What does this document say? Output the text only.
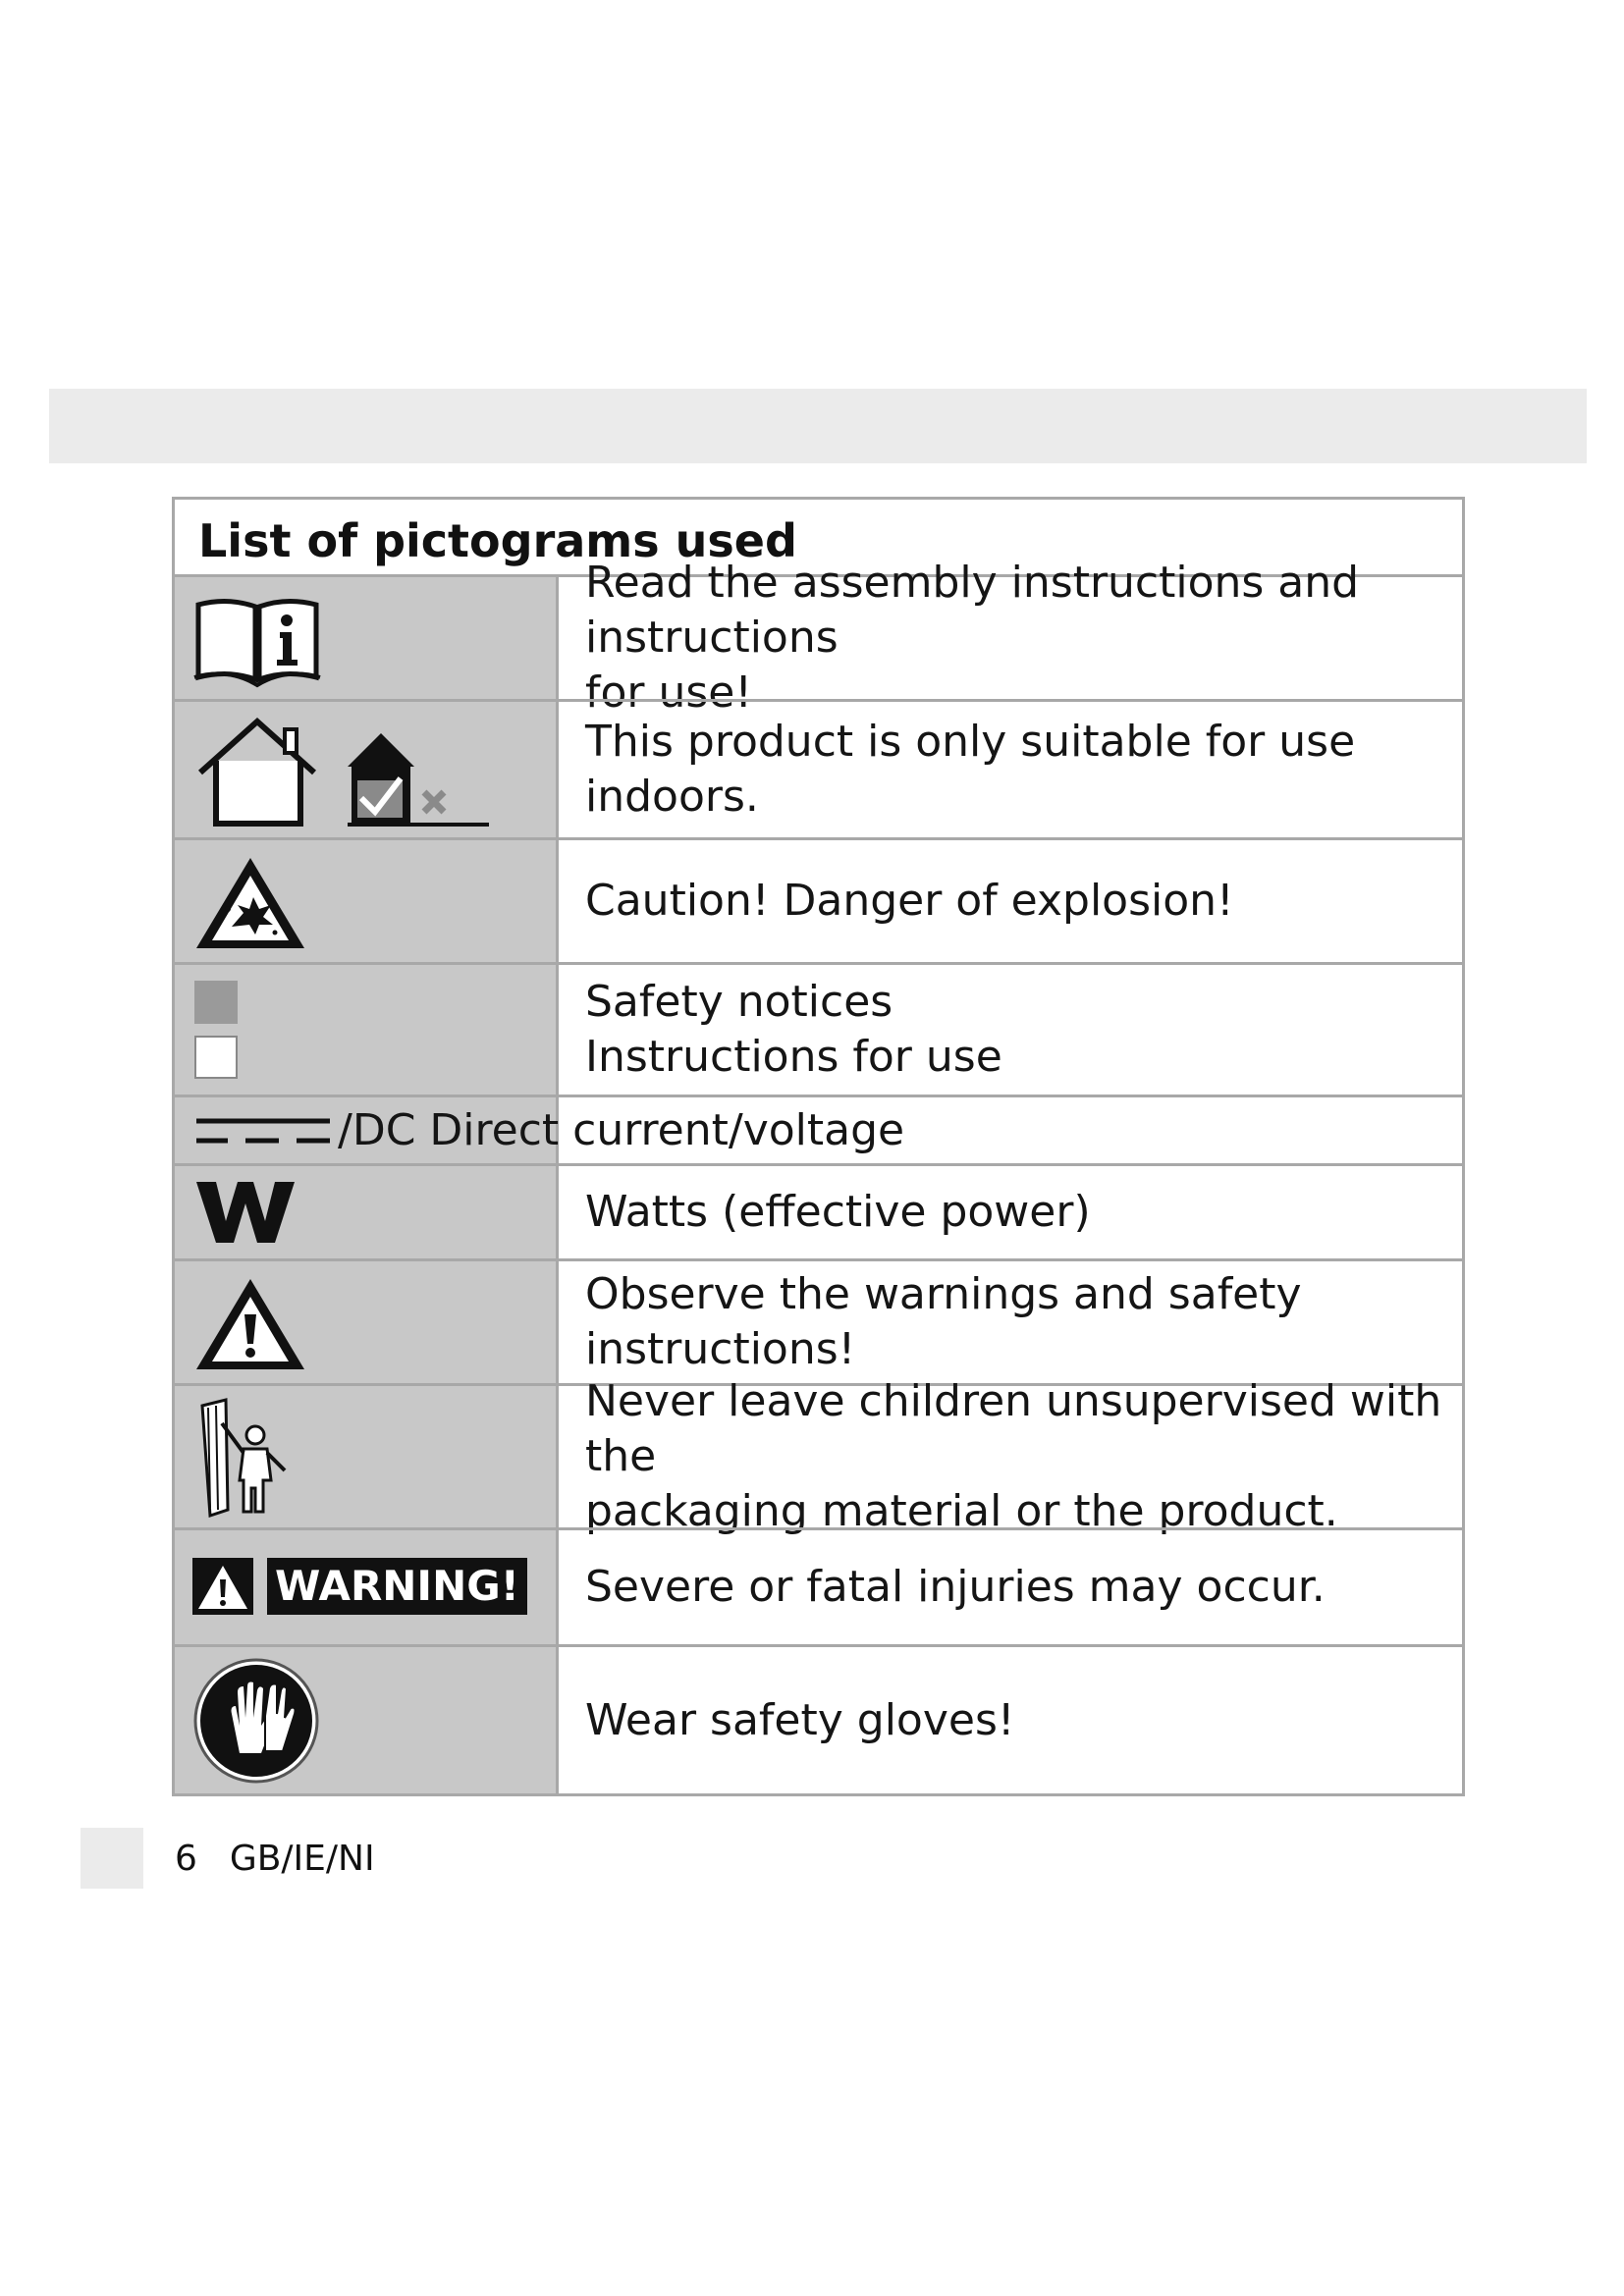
List of pictograms used
Read the assembly instructions and instructions
for use!
This product is only suitable for use indoors.
Caution! Danger of explosion!
Safety notices
Instructions for use
/DC Direct current/voltage
Watts (effective power)
Observe the warnings and safety instructions!
Never leave children unsupervised with the
packaging material or the product.
WARNING! Severe or fatal injuries may occur.
Wear safety gloves!
6 GB/IE/NI
